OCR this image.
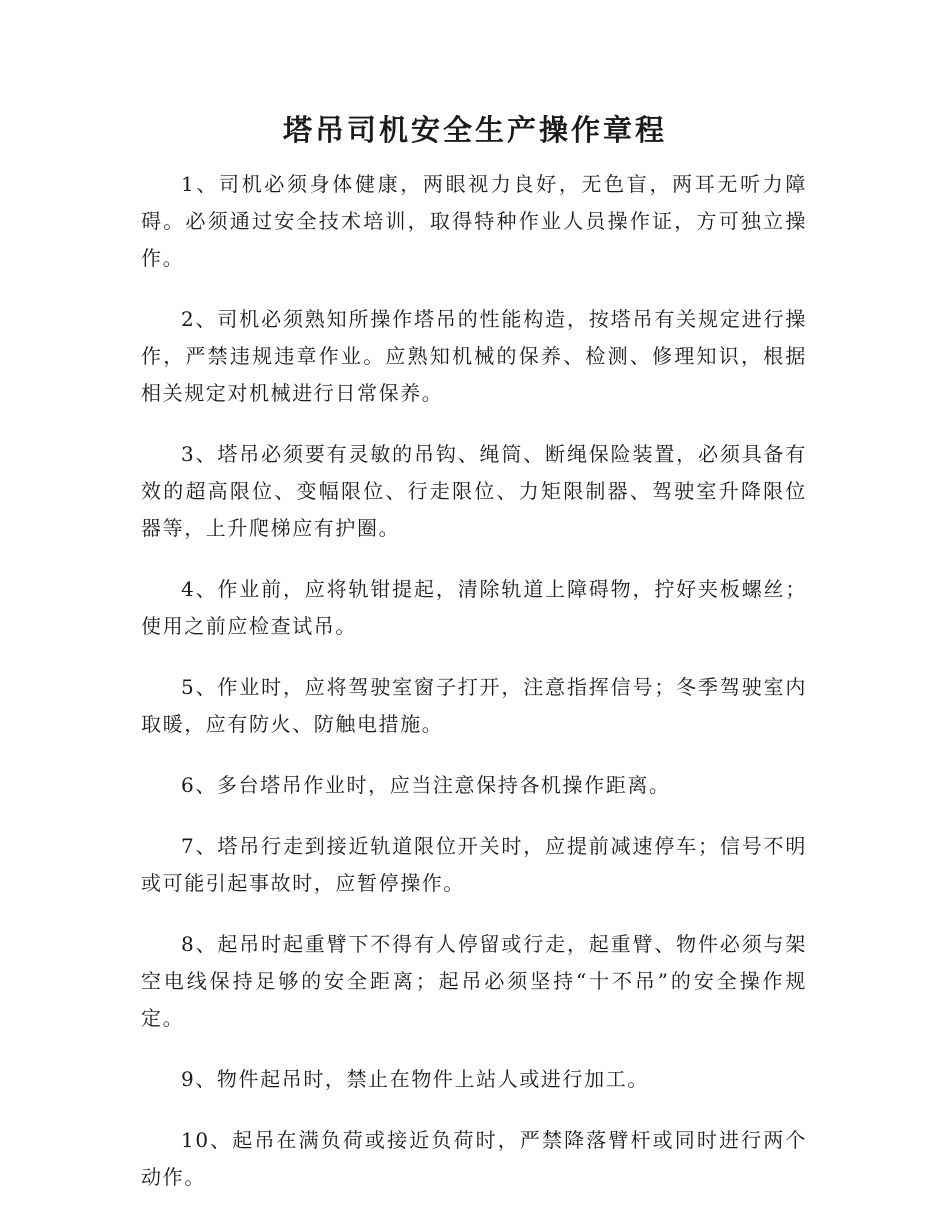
塔吊司机安全生产操作章程

1、司机必须身体健康，两眼视力良好，无色盲，两耳无听力障碍。必须通过安全技术培训，取得特种作业人员操作证，方可独立操作。

2、司机必须熟知所操作塔吊的性能构造，按塔吊有关规定进行操作，严禁违规违章作业。应熟知机械的保养、检测、修理知识，根据相关规定对机械进行日常保养。

3、塔吊必须要有灵敏的吊钩、绳筒、断绳保险装置，必须具备有效的超高限位、变幅限位、行走限位、力矩限制器、驾驶室升降限位器等，上升爬梯应有护圈。

4、作业前，应将轨钳提起，清除轨道上障碍物，拧好夹板螺丝；使用之前应检查试吊。

5、作业时，应将驾驶室窗子打开，注意指挥信号；冬季驾驶室内取暖，应有防火、防触电措施。

6、多台塔吊作业时，应当注意保持各机操作距离。

7、塔吊行走到接近轨道限位开关时，应提前减速停车；信号不明或可能引起事故时，应暂停操作。

8、起吊时起重臂下不得有人停留或行走，起重臂、物件必须与架空电线保持足够的安全距离；起吊必须坚持“十不吊”的安全操作规定。

9、物件起吊时，禁止在物件上站人或进行加工。

10、起吊在满负荷或接近负荷时，严禁降落臂杆或同时进行两个动作。
